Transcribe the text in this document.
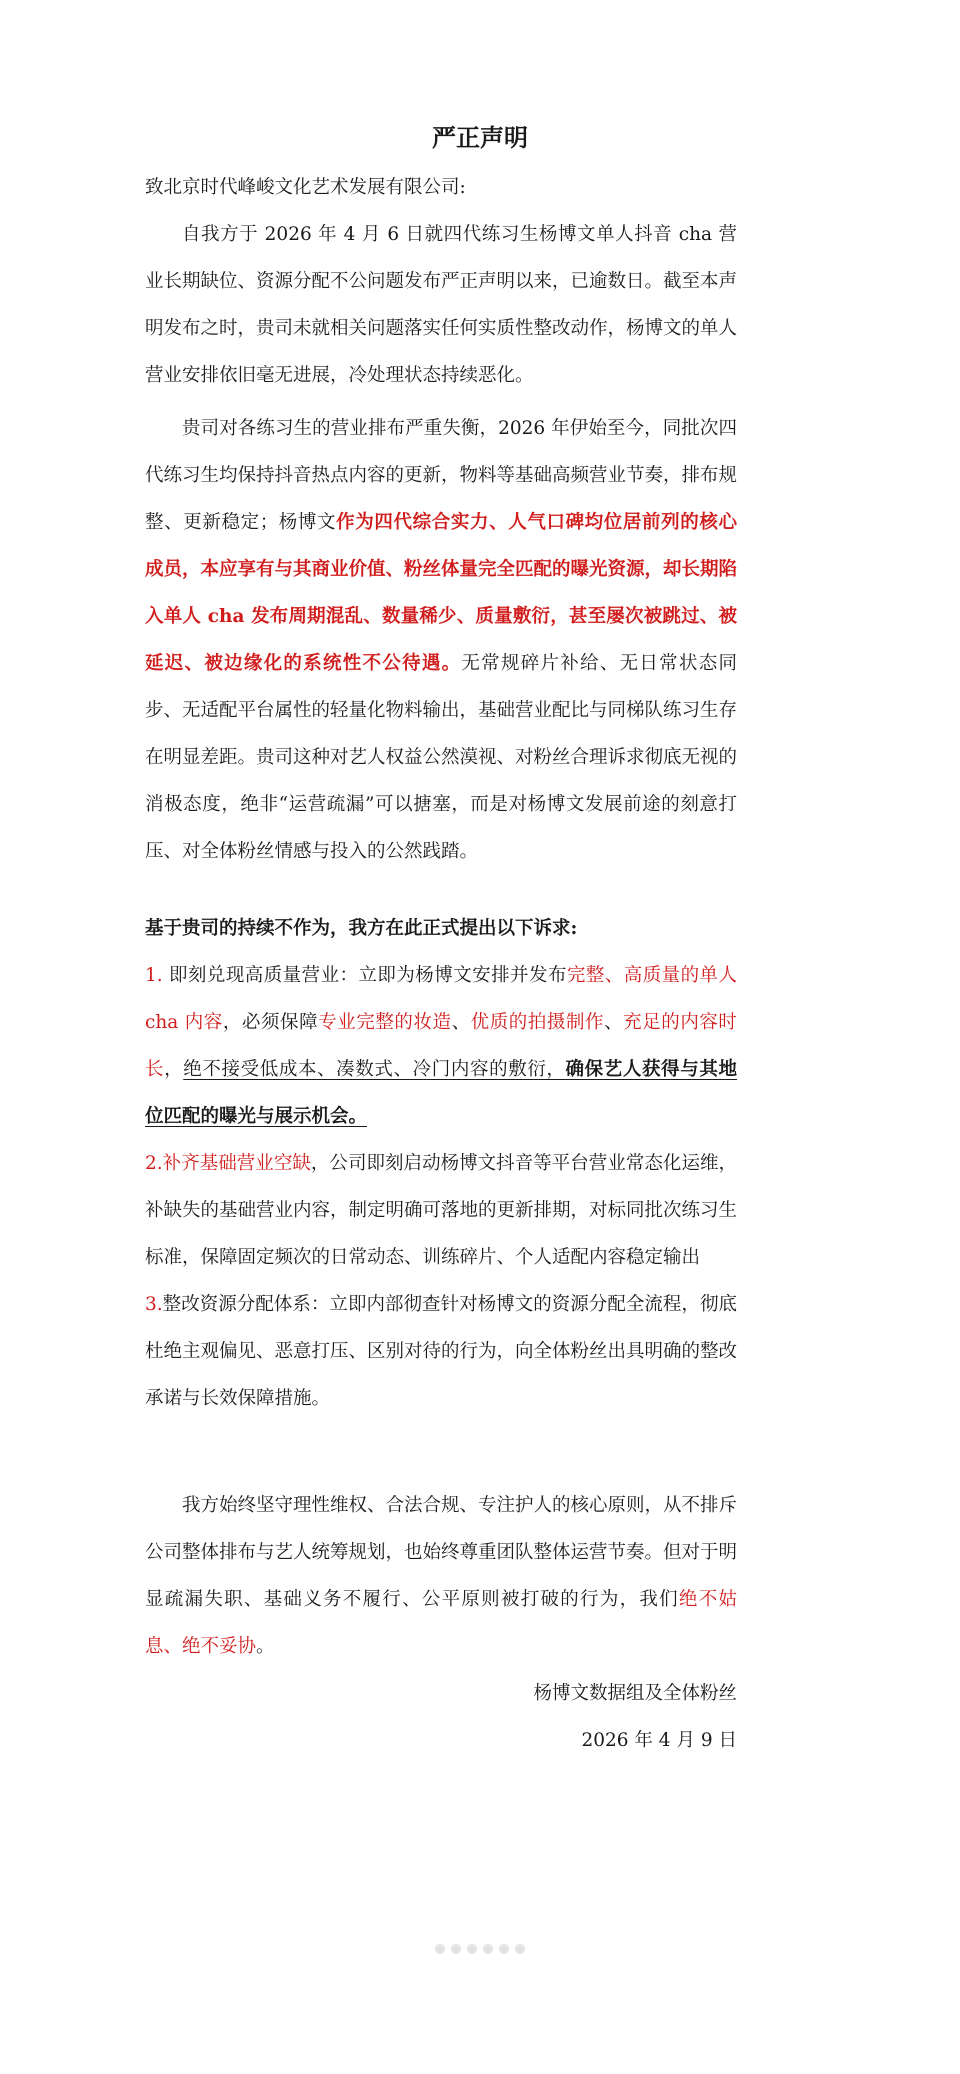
严正声明
致北京时代峰峻文化艺术发展有限公司:
自我方于 2026 年 4 月 6 日就四代练习生杨博文单人抖音 cha 营业长期缺位、资源分配不公问题发布严正声明以来，已逾数日。截至本声明发布之时，贵司未就相关问题落实任何实质性整改动作，杨博文的单人营业安排依旧毫无进展，冷处理状态持续恶化。
贵司对各练习生的营业排布严重失衡，2026 年伊始至今，同批次四代练习生均保持抖音热点内容的更新，物料等基础高频营业节奏，排布规整、更新稳定；杨博文作为四代综合实力、人气口碑均位居前列的核心成员，本应享有与其商业价值、粉丝体量完全匹配的曝光资源，却长期陷入单人 cha 发布周期混乱、数量稀少、质量敷衍，甚至屡次被跳过、被延迟、被边缘化的系统性不公待遇。无常规碎片补给、无日常状态同步、无适配平台属性的轻量化物料输出，基础营业配比与同梯队练习生存在明显差距。贵司这种对艺人权益公然漠视、对粉丝合理诉求彻底无视的消极态度，绝非“运营疏漏”可以搪塞，而是对杨博文发展前途的刻意打压、对全体粉丝情感与投入的公然践踏。
基于贵司的持续不作为，我方在此正式提出以下诉求:
1. 即刻兑现高质量营业：立即为杨博文安排并发布完整、高质量的单人 cha 内容，必须保障专业完整的妆造、优质的拍摄制作、充足的内容时长，绝不接受低成本、凑数式、冷门内容的敷衍，确保艺人获得与其地位匹配的曝光与展示机会。
2.补齐基础营业空缺，公司即刻启动杨博文抖音等平台营业常态化运维，补缺失的基础营业内容，制定明确可落地的更新排期，对标同批次练习生标准，保障固定频次的日常动态、训练碎片、个人适配内容稳定输出
3.整改资源分配体系：立即内部彻查针对杨博文的资源分配全流程，彻底杜绝主观偏见、恶意打压、区别对待的行为，向全体粉丝出具明确的整改承诺与长效保障措施。
我方始终坚守理性维权、合法合规、专注护人的核心原则，从不排斥公司整体排布与艺人统筹规划，也始终尊重团队整体运营节奏。但对于明显疏漏失职、基础义务不履行、公平原则被打破的行为，我们绝不姑息、绝不妥协。
杨博文数据组及全体粉丝
2026 年 4 月 9 日
